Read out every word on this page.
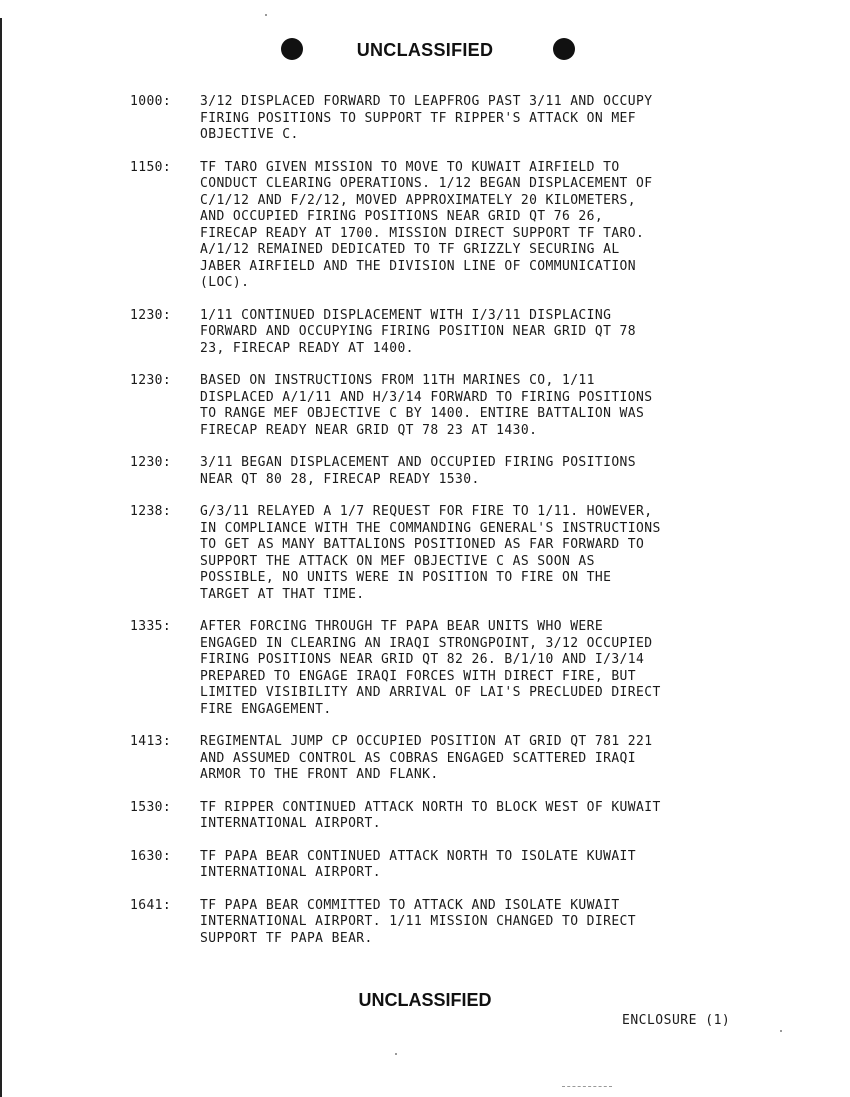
UNCLASSIFIED
1000:	3/12 DISPLACED FORWARD TO LEAPFROG PAST 3/11 AND OCCUPY
FIRING POSITIONS TO SUPPORT TF RIPPER'S ATTACK ON MEF
OBJECTIVE C.
1150:	TF TARO GIVEN MISSION TO MOVE TO KUWAIT AIRFIELD TO
CONDUCT CLEARING OPERATIONS. 1/12 BEGAN DISPLACEMENT OF
C/1/12 AND F/2/12, MOVED APPROXIMATELY 20 KILOMETERS,
AND OCCUPIED FIRING POSITIONS NEAR GRID QT 76 26,
FIRECAP READY AT 1700. MISSION DIRECT SUPPORT TF TARO.
A/1/12 REMAINED DEDICATED TO TF GRIZZLY SECURING AL
JABER AIRFIELD AND THE DIVISION LINE OF COMMUNICATION
(LOC).
1230:	1/11 CONTINUED DISPLACEMENT WITH I/3/11 DISPLACING
FORWARD AND OCCUPYING FIRING POSITION NEAR GRID QT 78
23, FIRECAP READY AT 1400.
1230:	BASED ON INSTRUCTIONS FROM 11TH MARINES CO, 1/11
DISPLACED A/1/11 AND H/3/14 FORWARD TO FIRING POSITIONS
TO RANGE MEF OBJECTIVE C BY 1400. ENTIRE BATTALION WAS
FIRECAP READY NEAR GRID QT 78 23 AT 1430.
1230:	3/11 BEGAN DISPLACEMENT AND OCCUPIED FIRING POSITIONS
NEAR QT 80 28, FIRECAP READY 1530.
1238:	G/3/11 RELAYED A 1/7 REQUEST FOR FIRE TO 1/11. HOWEVER,
IN COMPLIANCE WITH THE COMMANDING GENERAL'S INSTRUCTIONS
TO GET AS MANY BATTALIONS POSITIONED AS FAR FORWARD TO
SUPPORT THE ATTACK ON MEF OBJECTIVE C AS SOON AS
POSSIBLE, NO UNITS WERE IN POSITION TO FIRE ON THE
TARGET AT THAT TIME.
1335:	AFTER FORCING THROUGH TF PAPA BEAR UNITS WHO WERE
ENGAGED IN CLEARING AN IRAQI STRONGPOINT, 3/12 OCCUPIED
FIRING POSITIONS NEAR GRID QT 82 26. B/1/10 AND I/3/14
PREPARED TO ENGAGE IRAQI FORCES WITH DIRECT FIRE, BUT
LIMITED VISIBILITY AND ARRIVAL OF LAI'S PRECLUDED DIRECT
FIRE ENGAGEMENT.
1413:	REGIMENTAL JUMP CP OCCUPIED POSITION AT GRID QT 781 221
AND ASSUMED CONTROL AS COBRAS ENGAGED SCATTERED IRAQI
ARMOR TO THE FRONT AND FLANK.
1530:	TF RIPPER CONTINUED ATTACK NORTH TO BLOCK WEST OF KUWAIT
INTERNATIONAL AIRPORT.
1630:	TF PAPA BEAR CONTINUED ATTACK NORTH TO ISOLATE KUWAIT
INTERNATIONAL AIRPORT.
1641:	TF PAPA BEAR COMMITTED TO ATTACK AND ISOLATE KUWAIT
INTERNATIONAL AIRPORT. 1/11 MISSION CHANGED TO DIRECT
SUPPORT TF PAPA BEAR.
UNCLASSIFIED
ENCLOSURE (1)
